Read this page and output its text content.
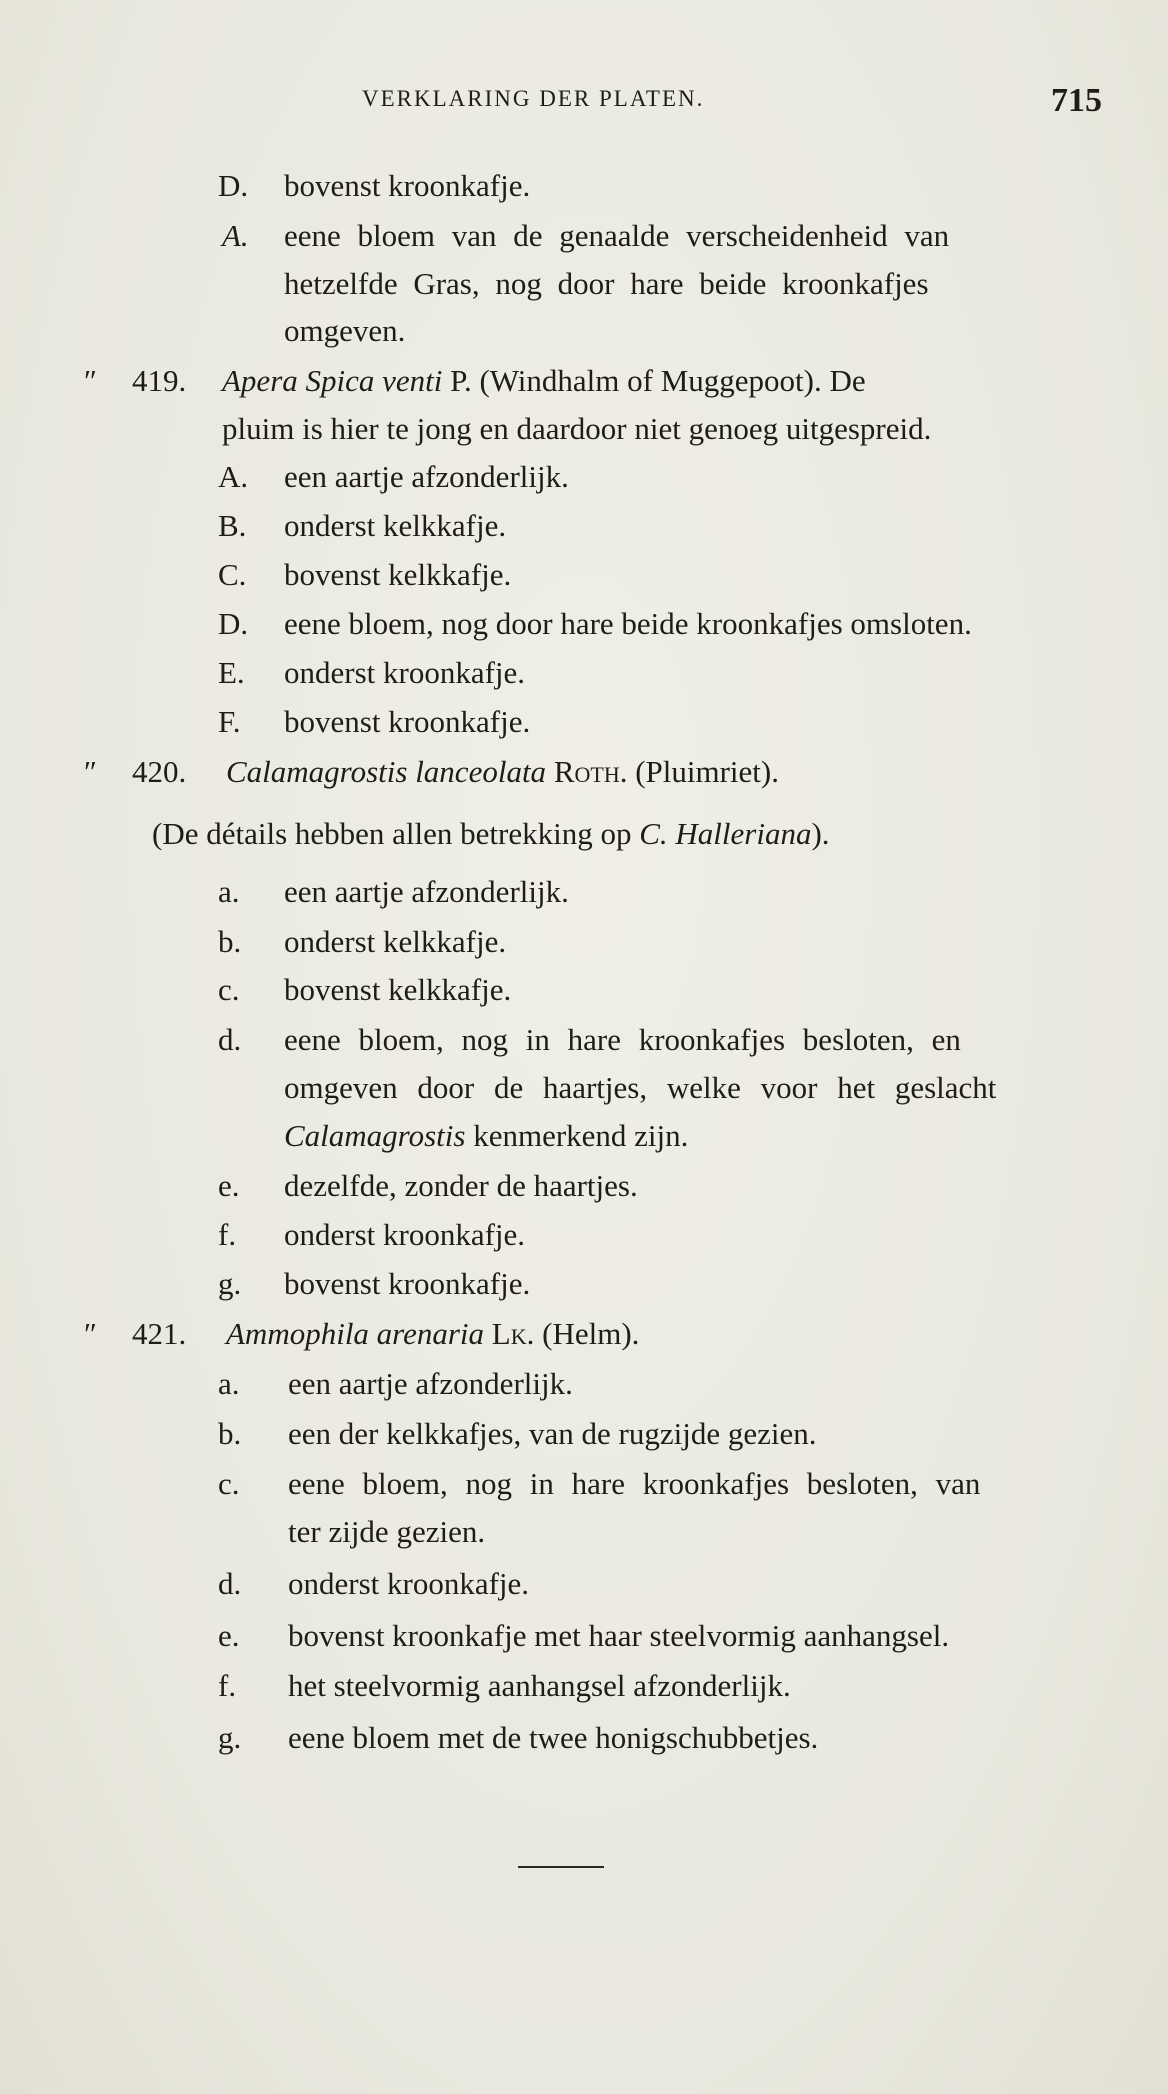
VERKLARING DER PLATEN.	715
D. bovenst kroonkafje.
A. eene bloem van de genaalde verscheidenheid van
hetzelfde Gras, nog door hare beide kroonkafjes
omgeven.
″ 419. Apera Spica venti P. (Windhalm of Muggepoot). De
pluim is hier te jong en daardoor niet genoeg uitgespreid.
A. een aartje afzonderlijk.
B. onderst kelkkafje.
C. bovenst kelkkafje.
D. eene bloem, nog door hare beide kroonkafjes omsloten.
E. onderst kroonkafje.
F. bovenst kroonkafje.
″ 420. Calamagrostis lanceolata Roth. (Pluimriet).
(De détails hebben allen betrekking op C. Halleriana).
a. een aartje afzonderlijk.
b. onderst kelkkafje.
c. bovenst kelkkafje.
d. eene bloem, nog in hare kroonkafjes besloten, en
omgeven door de haartjes, welke voor het geslacht
Calamagrostis kenmerkend zijn.
e. dezelfde, zonder de haartjes.
f. onderst kroonkafje.
g. bovenst kroonkafje.
″ 421. Ammophila arenaria Lk. (Helm).
a. een aartje afzonderlijk.
b. een der kelkkafjes, van de rugzijde gezien.
c. eene bloem, nog in hare kroonkafjes besloten, van
ter zijde gezien.
d. onderst kroonkafje.
e. bovenst kroonkafje met haar steelvormig aanhangsel.
f. het steelvormig aanhangsel afzonderlijk.
g. eene bloem met de twee honigschubbetjes.
